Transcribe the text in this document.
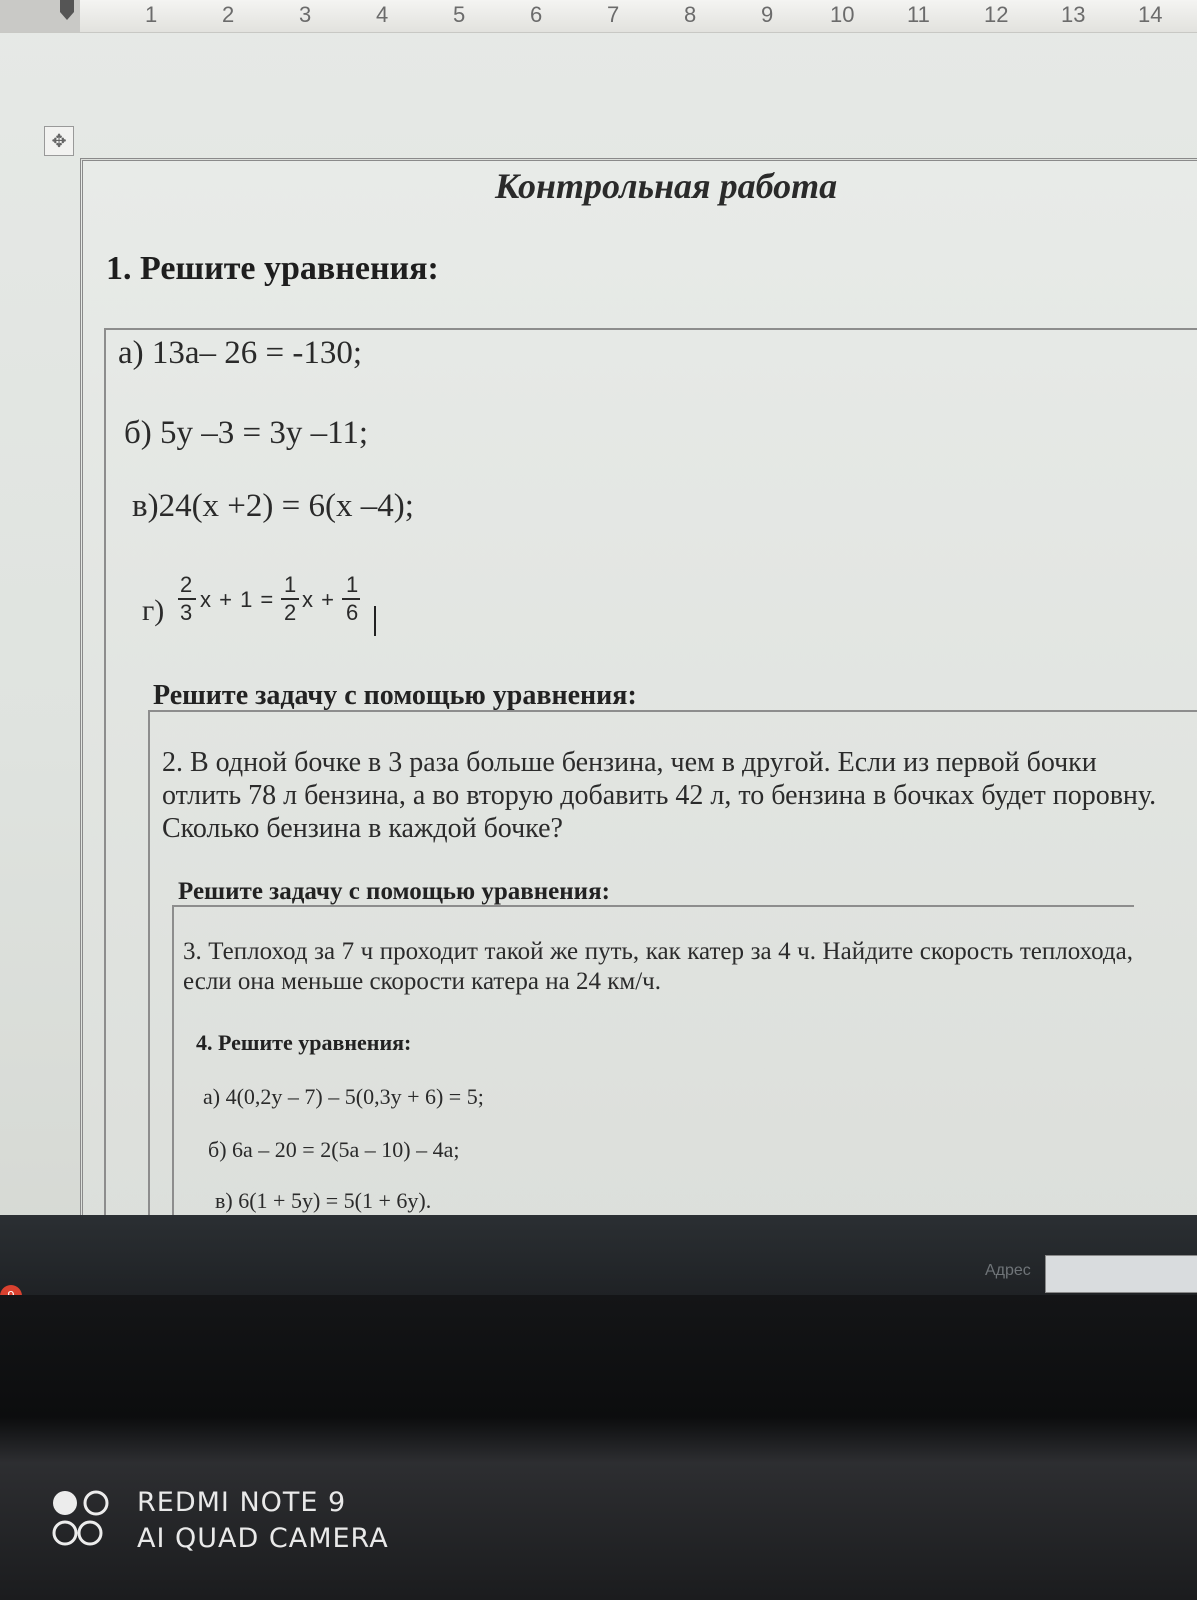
1	2	3	4	5	6	7	8	9	10 11 12 13 14
✥
Контрольная работа
1. Решите уравнения:
а) 13а– 26 = -130;
б) 5у –3 = 3у –11;
в)24(х +2) = 6(х –4);
г)
2
3
x + 1 =
1
2
x +
1
6
Решите задачу с помощью уравнения:
2. В одной бочке в 3 раза больше бензина, чем в другой. Если из первой бочки отлить 78 л бензина, а во вторую добавить 42 л, то бензина в бочках будет поровну. Сколько бензина в каждой бочке?
Решите задачу с помощью уравнения:
3. Теплоход за 7 ч проходит такой же путь, как катер за 4 ч. Найдите скорость теплохода, если она меньше скорости катера на 24 км/ч.
4. Решите уравнения:
а) 4(0,2у – 7) – 5(0,3у + 6) = 5;
б) 6а – 20 = 2(5а – 10) – 4а;
в) 6(1 + 5у) = 5(1 + 6у).
Адрес
REDMI NOTE 9
AI QUAD CAMERA
